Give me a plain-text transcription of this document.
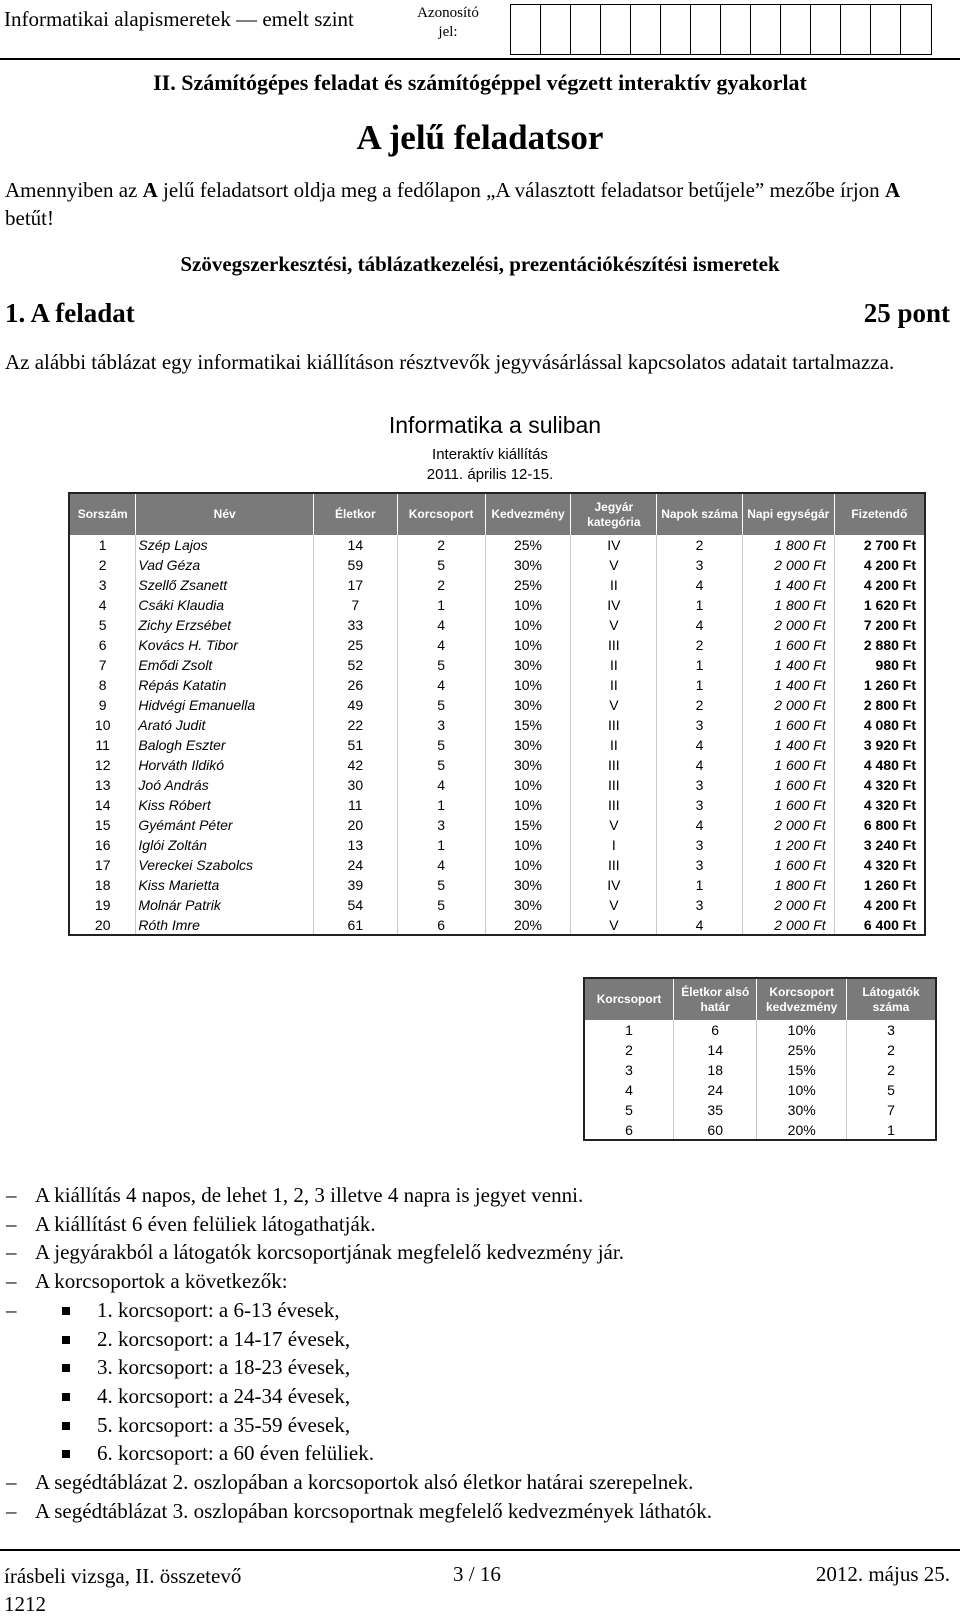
Informatikai alapismeretek — emelt szint	Azonosító jel:
II. Számítógépes feladat és számítógéppel végzett interaktív gyakorlat
A jelű feladatsor
Amennyiben az A jelű feladatsort oldja meg a fedőlapon „A választott feladatsor betűjele” mezőbe írjon A betűt!
Szövegszerkesztési, táblázatkezelési, prezentációkészítési ismeretek
1. A feladat	25 pont
Az alábbi táblázat egy informatikai kiállításon résztvevők jegyvásárlással kapcsolatos adatait tartalmazza.
Informatika a suliban
Interaktív kiállítás
2011. április 12-15.
Sorszám	Név	Életkor	Korcsoport	Kedvezmény	Jegyár kategória	Napok száma	Napi egységár	Fizetendő
1	Szép Lajos	14	2	25%	IV	2	1 800 Ft	2 700 Ft
2	Vad Géza	59	5	30%	V	3	2 000 Ft	4 200 Ft
3	Szellő Zsanett	17	2	25%	II	4	1 400 Ft	4 200 Ft
4	Csáki Klaudia	7	1	10%	IV	1	1 800 Ft	1 620 Ft
5	Zichy Erzsébet	33	4	10%	V	4	2 000 Ft	7 200 Ft
6	Kovács H. Tibor	25	4	10%	III	2	1 600 Ft	2 880 Ft
7	Emődi Zsolt	52	5	30%	II	1	1 400 Ft	980 Ft
8	Répás Katatin	26	4	10%	II	1	1 400 Ft	1 260 Ft
9	Hidvégi Emanuella	49	5	30%	V	2	2 000 Ft	2 800 Ft
10	Arató Judit	22	3	15%	III	3	1 600 Ft	4 080 Ft
11	Balogh Eszter	51	5	30%	II	4	1 400 Ft	3 920 Ft
12	Horváth Ildikó	42	5	30%	III	4	1 600 Ft	4 480 Ft
13	Joó András	30	4	10%	III	3	1 600 Ft	4 320 Ft
14	Kiss Róbert	11	1	10%	III	3	1 600 Ft	4 320 Ft
15	Gyémánt Péter	20	3	15%	V	4	2 000 Ft	6 800 Ft
16	Iglói Zoltán	13	1	10%	I	3	1 200 Ft	3 240 Ft
17	Vereckei Szabolcs	24	4	10%	III	3	1 600 Ft	4 320 Ft
18	Kiss Marietta	39	5	30%	IV	1	1 800 Ft	1 260 Ft
19	Molnár Patrik	54	5	30%	V	3	2 000 Ft	4 200 Ft
20	Róth Imre	61	6	20%	V	4	2 000 Ft	6 400 Ft
Korcsoport	Életkor alsó határ	Korcsoport kedvezmény	Látogatók száma
1	6	10%	3
2	14	25%	2
3	18	15%	2
4	24	10%	5
5	35	30%	7
6	60	20%	1
– A kiállítás 4 napos, de lehet 1, 2, 3 illetve 4 napra is jegyet venni.
– A kiállítást 6 éven felüliek látogathatják.
– A jegyárakból a látogatók korcsoportjának megfelelő kedvezmény jár.
– A korcsoportok a következők:
– 1. korcsoport: a 6-13 évesek,
2. korcsoport: a 14-17 évesek,
3. korcsoport: a 18-23 évesek,
4. korcsoport: a 24-34 évesek,
5. korcsoport: a 35-59 évesek,
6. korcsoport: a 60 éven felüliek.
– A segédtáblázat 2. oszlopában a korcsoportok alsó életkor határai szerepelnek.
– A segédtáblázat 3. oszlopában korcsoportnak megfelelő kedvezmények láthatók.
írásbeli vizsga, II. összetevő
1212
3 / 16	2012. május 25.
